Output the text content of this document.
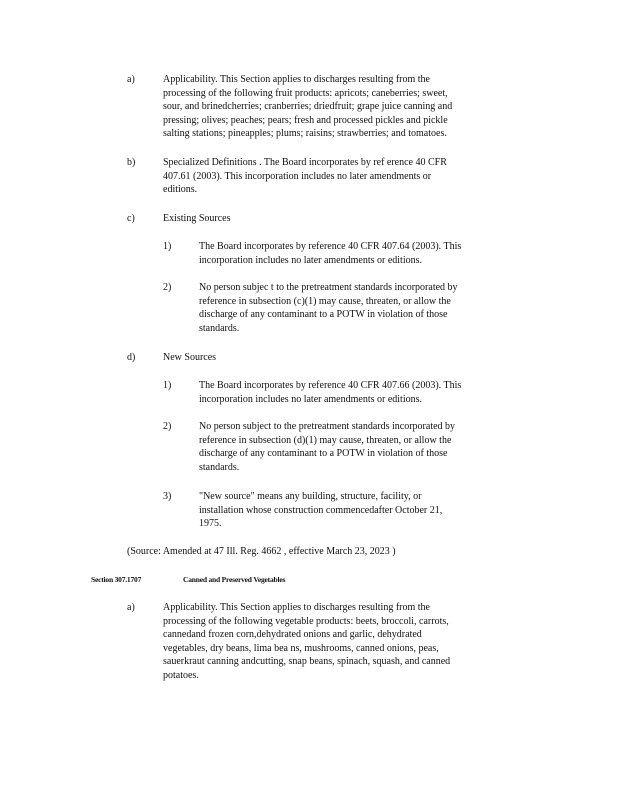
a)	Applicability. This Section applies to discharges resulting from the
processing of the following fruit products: apricots; caneberries; sweet,
sour, and brinedcherries; cranberries; driedfruit; grape juice canning and
pressing; olives; peaches; pears; fresh and processed pickles and pickle
salting stations; pineapples; plums; raisins; strawberries; and tomatoes.
b)	Specialized Definitions . The Board incorporates by ref erence 40 CFR
407.61 (2003). This incorporation includes no later amendments or
editions.
c)	Existing Sources
1)	The Board incorporates by reference 40 CFR 407.64 (2003). This
incorporation includes no later amendments or editions.
2)	No person subjec t to the pretreatment standards incorporated by
reference in subsection (c)(1) may cause, threaten, or allow the
discharge of any contaminant to a POTW in violation of those
standards.
d)	New Sources
1)	The Board incorporates by reference 40 CFR 407.66 (2003). This
incorporation includes no later amendments or editions.
2)	No person subject to the pretreatment standards incorporated by
reference in subsection (d)(1) may cause, threaten, or allow the
discharge of any contaminant to a POTW in violation of those
standards.
3)	"New source" means any building, structure, facility, or
installation whose construction commencedafter October 21,
1975.
(Source: Amended at 47 Ill. Reg. 4662 , effective March 23, 2023 )
Section 307.1707	Canned and Preserved Vegetables
a)	Applicability. This Section applies to discharges resulting from the
processing of the following vegetable products: beets, broccoli, carrots,
cannedand frozen corn,dehydrated onions and garlic, dehydrated
vegetables, dry beans, lima bea ns, mushrooms, canned onions, peas,
sauerkraut canning andcutting, snap beans, spinach, squash, and canned
potatoes.
